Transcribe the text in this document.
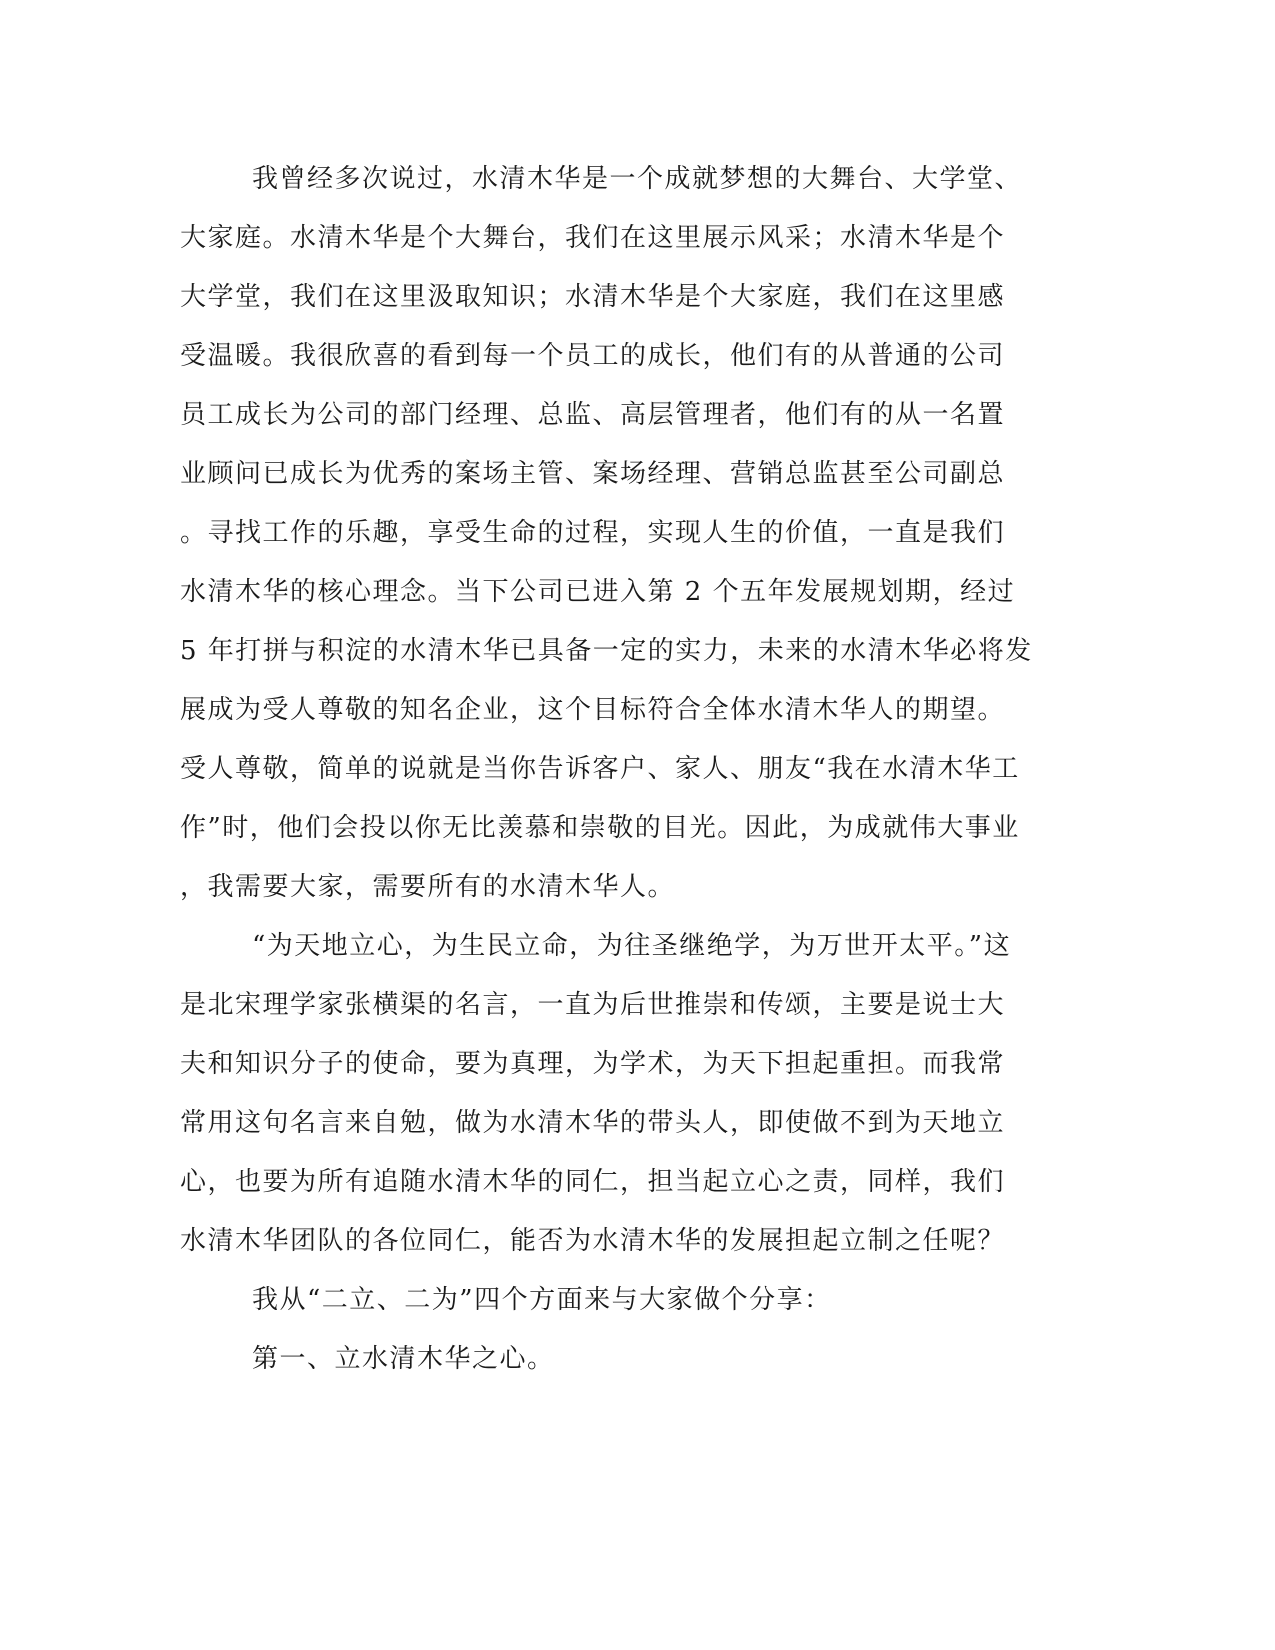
我曾经多次说过，水清木华是一个成就梦想的大舞台、大学堂、
大家庭。水清木华是个大舞台，我们在这里展示风采；水清木华是个
大学堂，我们在这里汲取知识；水清木华是个大家庭，我们在这里感
受温暖。我很欣喜的看到每一个员工的成长，他们有的从普通的公司
员工成长为公司的部门经理、总监、高层管理者，他们有的从一名置
业顾问已成长为优秀的案场主管、案场经理、营销总监甚至公司副总
。寻找工作的乐趣，享受生命的过程，实现人生的价值，一直是我们
水清木华的核心理念。当下公司已进入第 2 个五年发展规划期，经过
5 年打拼与积淀的水清木华已具备一定的实力，未来的水清木华必将发
展成为受人尊敬的知名企业，这个目标符合全体水清木华人的期望。
受人尊敬，简单的说就是当你告诉客户、家人、朋友“我在水清木华工
作”时，他们会投以你无比羡慕和崇敬的目光。因此，为成就伟大事业
，我需要大家，需要所有的水清木华人。
“为天地立心，为生民立命，为往圣继绝学，为万世开太平。”这
是北宋理学家张横渠的名言，一直为后世推崇和传颂，主要是说士大
夫和知识分子的使命，要为真理，为学术，为天下担起重担。而我常
常用这句名言来自勉，做为水清木华的带头人，即使做不到为天地立
心，也要为所有追随水清木华的同仁，担当起立心之责，同样，我们
水清木华团队的各位同仁，能否为水清木华的发展担起立制之任呢？
我从“二立、二为”四个方面来与大家做个分享：
第一、立水清木华之心。
